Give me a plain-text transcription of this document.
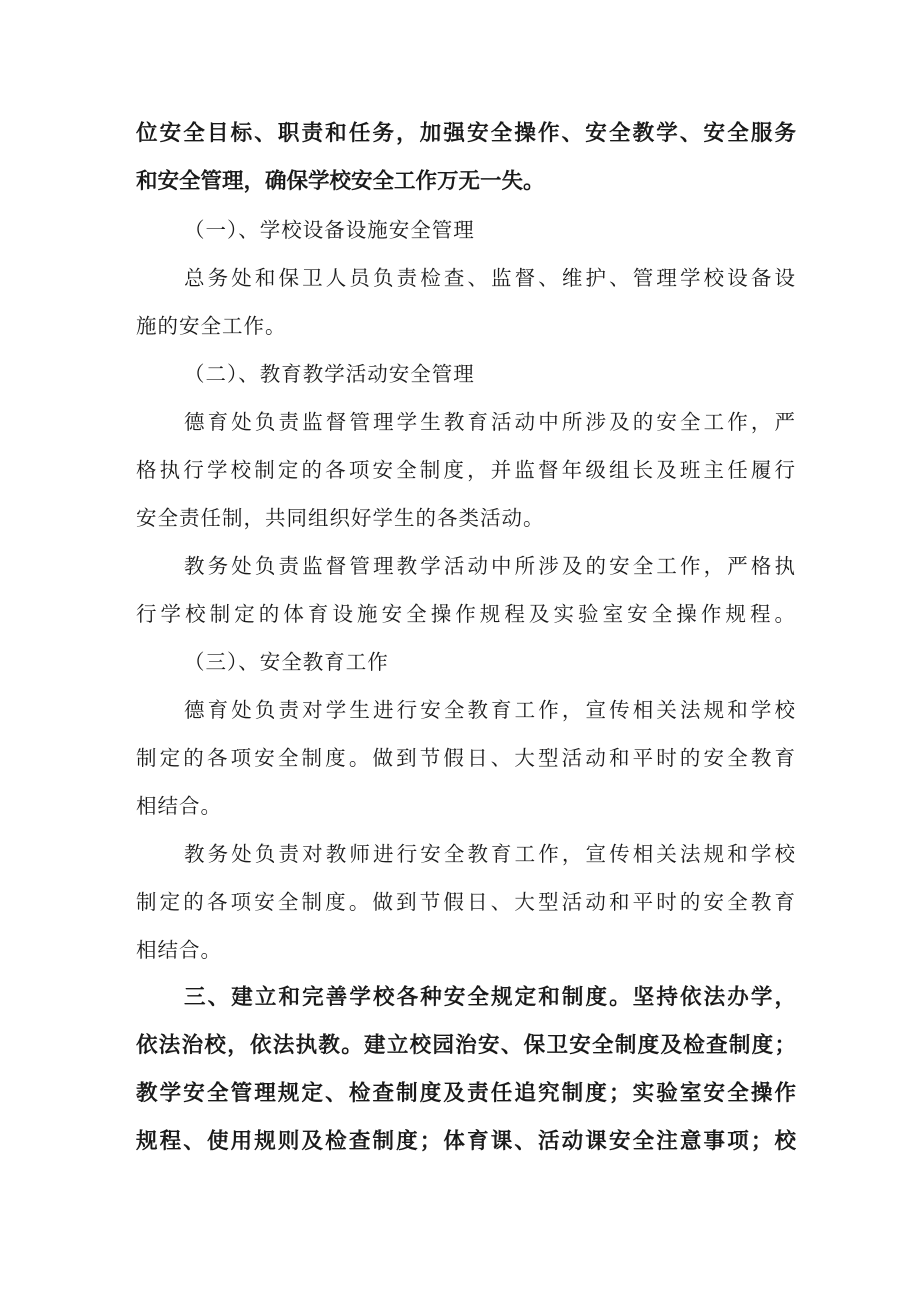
位安全目标、职责和任务，加强安全操作、安全教学、安全服务
和安全管理，确保学校安全工作万无一失。
（一）、学校设备设施安全管理
总务处和保卫人员负责检查、监督、维护、管理学校设备设
施的安全工作。
（二）、教育教学活动安全管理
德育处负责监督管理学生教育活动中所涉及的安全工作，严
格执行学校制定的各项安全制度，并监督年级组长及班主任履行
安全责任制，共同组织好学生的各类活动。
教务处负责监督管理教学活动中所涉及的安全工作，严格执
行学校制定的体育设施安全操作规程及实验室安全操作规程。
（三）、安全教育工作
德育处负责对学生进行安全教育工作，宣传相关法规和学校
制定的各项安全制度。做到节假日、大型活动和平时的安全教育
相结合。
教务处负责对教师进行安全教育工作，宣传相关法规和学校
制定的各项安全制度。做到节假日、大型活动和平时的安全教育
相结合。
三、建立和完善学校各种安全规定和制度。坚持依法办学，
依法治校，依法执教。建立校园治安、保卫安全制度及检查制度；
教学安全管理规定、检查制度及责任追究制度；实验室安全操作
规程、使用规则及检查制度；体育课、活动课安全注意事项；校
